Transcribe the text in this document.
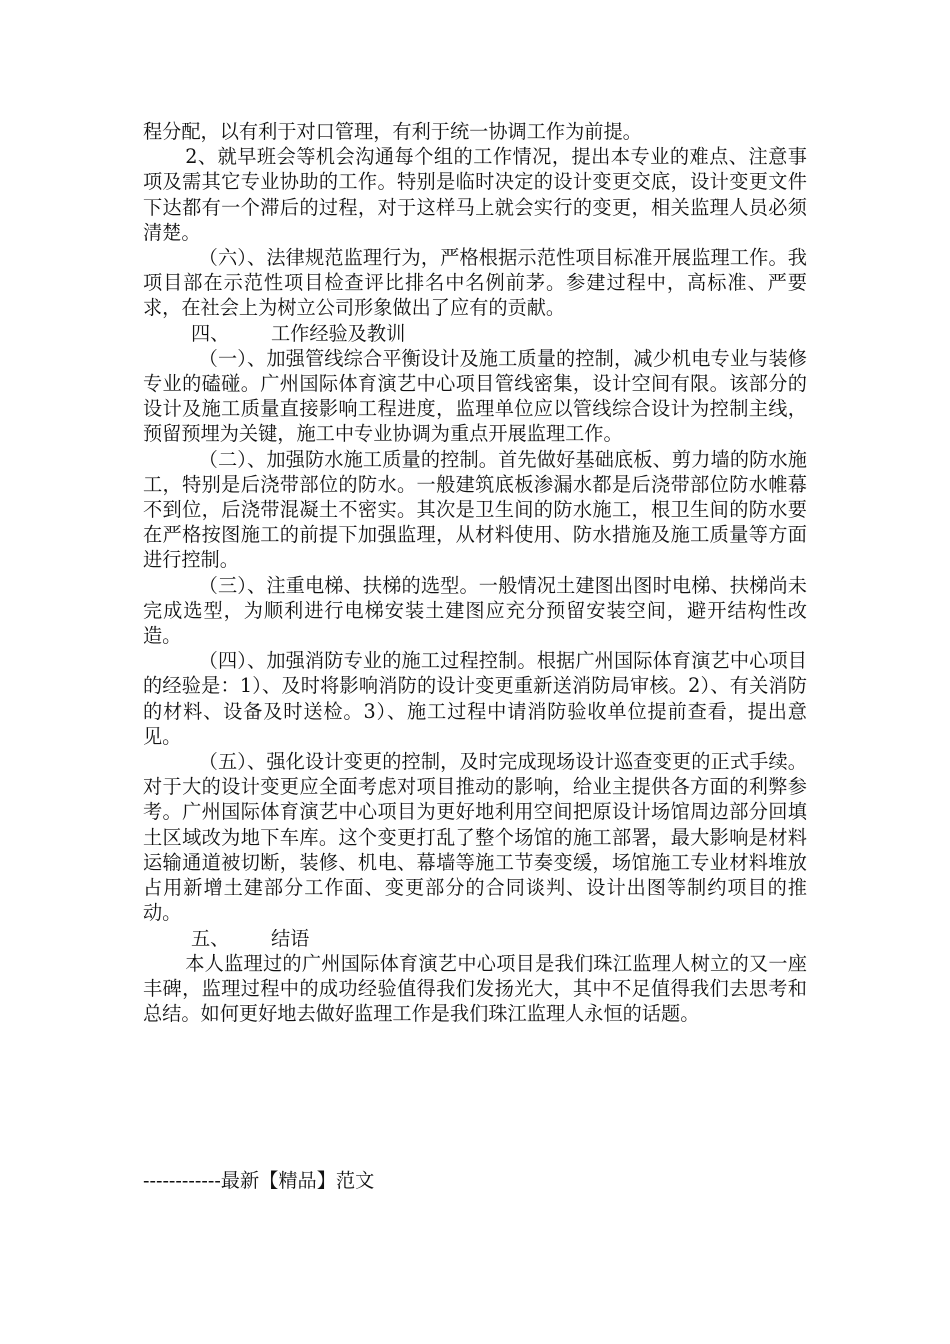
程分配，以有利于对口管理，有利于统一协调工作为前提。

2、就早班会等机会沟通每个组的工作情况，提出本专业的难点、注意事项及需其它专业协助的工作。特别是临时决定的设计变更交底，设计变更文件下达都有一个滞后的过程，对于这样马上就会实行的变更，相关监理人员必须清楚。

（六）、法律规范监理行为，严格根据示范性项目标准开展监理工作。我项目部在示范性项目检查评比排名中名例前茅。参建过程中，高标准、严要求，在社会上为树立公司形象做出了应有的贡献。

四、 工作经验及教训

（一）、加强管线综合平衡设计及施工质量的控制，减少机电专业与装修专业的磕碰。广州国际体育演艺中心项目管线密集，设计空间有限。该部分的设计及施工质量直接影响工程进度，监理单位应以管线综合设计为控制主线，预留预埋为关键，施工中专业协调为重点开展监理工作。

（二）、加强防水施工质量的控制。首先做好基础底板、剪力墙的防水施工，特别是后浇带部位的防水。一般建筑底板渗漏水都是后浇带部位防水帷幕不到位，后浇带混凝土不密实。其次是卫生间的防水施工，根卫生间的防水要在严格按图施工的前提下加强监理，从材料使用、防水措施及施工质量等方面进行控制。

（三）、注重电梯、扶梯的选型。一般情况土建图出图时电梯、扶梯尚未完成选型，为顺利进行电梯安装土建图应充分预留安装空间，避开结构性改造。

（四）、加强消防专业的施工过程控制。根据广州国际体育演艺中心项目的经验是：1）、及时将影响消防的设计变更重新送消防局审核。2）、有关消防的材料、设备及时送检。3）、施工过程中请消防验收单位提前查看，提出意见。

（五）、强化设计变更的控制，及时完成现场设计巡查变更的正式手续。对于大的设计变更应全面考虑对项目推动的影响，给业主提供各方面的利弊参考。广州国际体育演艺中心项目为更好地利用空间把原设计场馆周边部分回填土区域改为地下车库。这个变更打乱了整个场馆的施工部署，最大影响是材料运输通道被切断，装修、机电、幕墙等施工节奏变缓，场馆施工专业材料堆放占用新增土建部分工作面、变更部分的合同谈判、设计出图等制约项目的推动。

五、 结语

本人监理过的广州国际体育演艺中心项目是我们珠江监理人树立的又一座丰碑，监理过程中的成功经验值得我们发扬光大，其中不足值得我们去思考和总结。如何更好地去做好监理工作是我们珠江监理人永恒的话题。

------------最新【精品】范文
